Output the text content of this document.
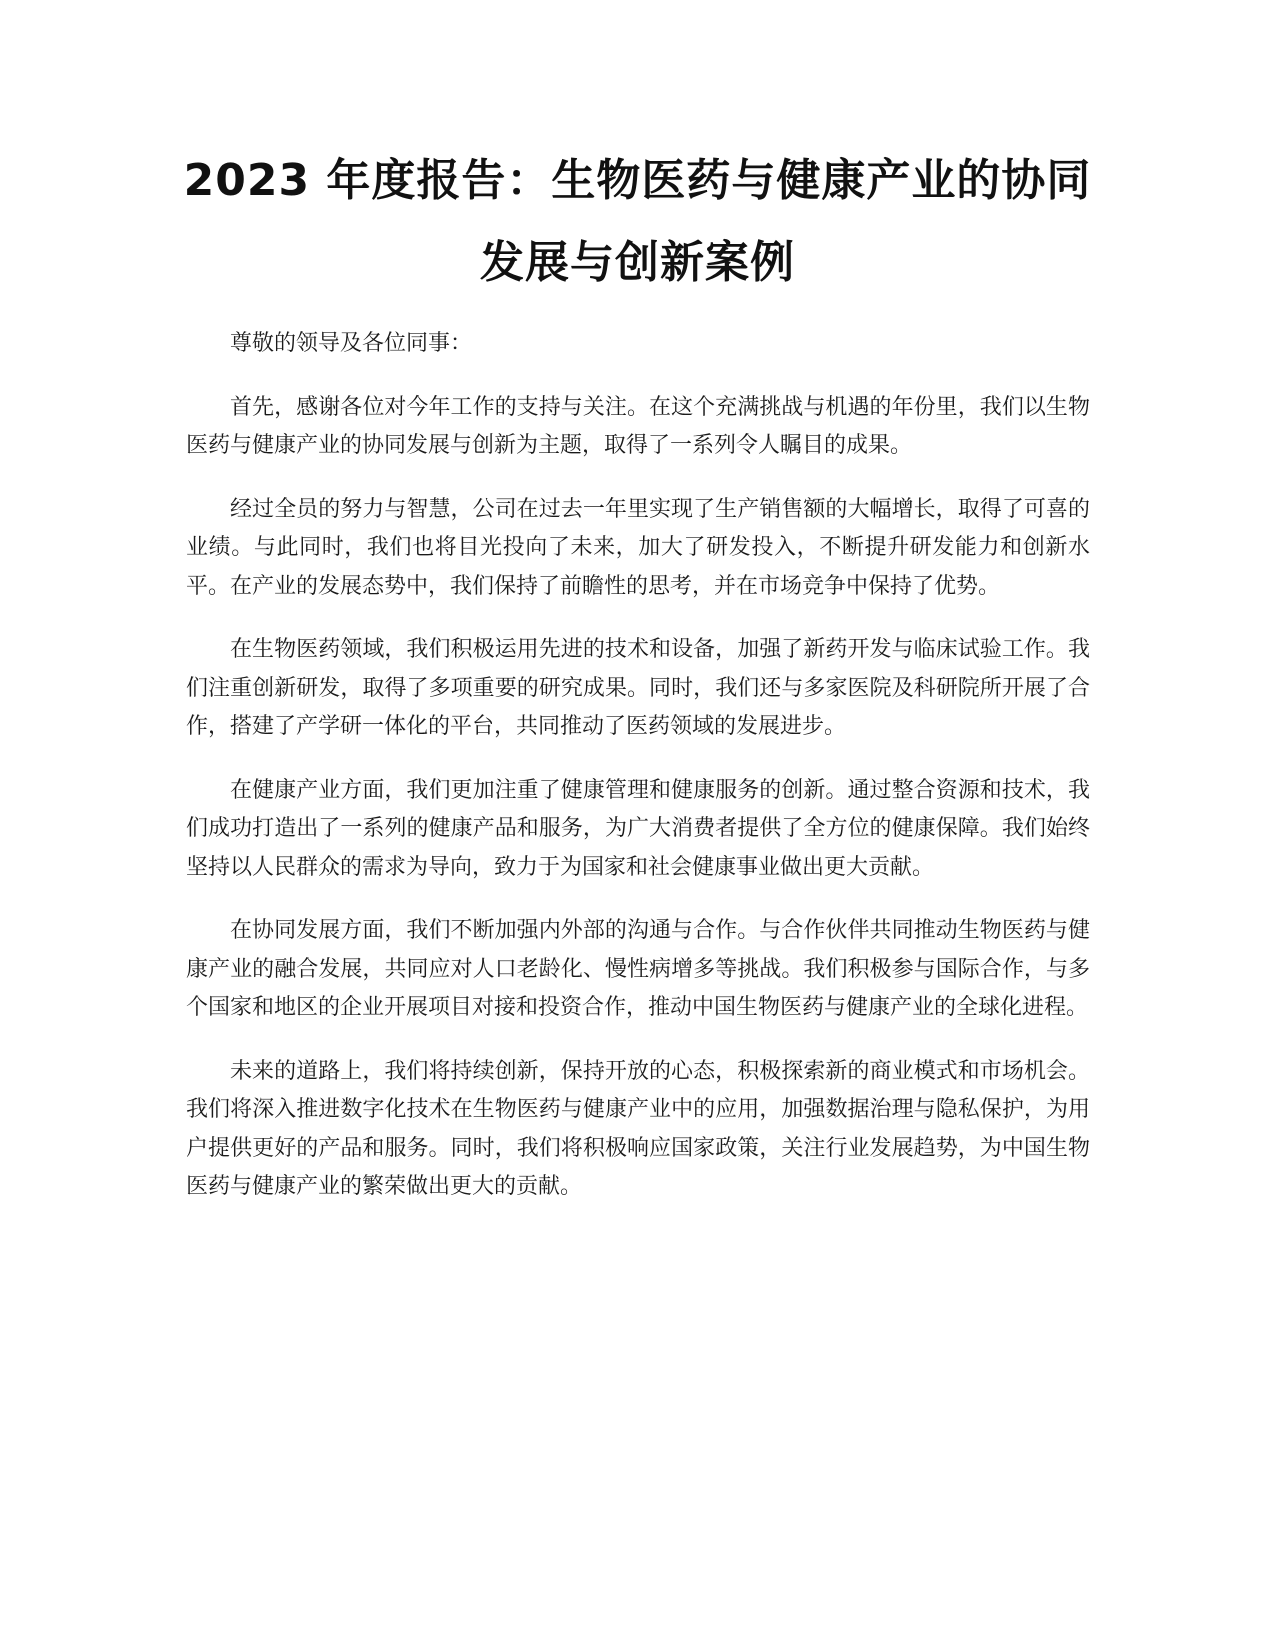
2023 年度报告：生物医药与健康产业的协同
发展与创新案例

尊敬的领导及各位同事：

首先，感谢各位对今年工作的支持与关注。在这个充满挑战与机遇的年份里，我们以生物医药与健康产业的协同发展与创新为主题，取得了一系列令人瞩目的成果。

经过全员的努力与智慧，公司在过去一年里实现了生产销售额的大幅增长，取得了可喜的业绩。与此同时，我们也将目光投向了未来，加大了研发投入，不断提升研发能力和创新水平。在产业的发展态势中，我们保持了前瞻性的思考，并在市场竞争中保持了优势。

在生物医药领域，我们积极运用先进的技术和设备，加强了新药开发与临床试验工作。我们注重创新研发，取得了多项重要的研究成果。同时，我们还与多家医院及科研院所开展了合作，搭建了产学研一体化的平台，共同推动了医药领域的发展进步。

在健康产业方面，我们更加注重了健康管理和健康服务的创新。通过整合资源和技术，我们成功打造出了一系列的健康产品和服务，为广大消费者提供了全方位的健康保障。我们始终坚持以人民群众的需求为导向，致力于为国家和社会健康事业做出更大贡献。

在协同发展方面，我们不断加强内外部的沟通与合作。与合作伙伴共同推动生物医药与健康产业的融合发展，共同应对人口老龄化、慢性病增多等挑战。我们积极参与国际合作，与多个国家和地区的企业开展项目对接和投资合作，推动中国生物医药与健康产业的全球化进程。

未来的道路上，我们将持续创新，保持开放的心态，积极探索新的商业模式和市场机会。我们将深入推进数字化技术在生物医药与健康产业中的应用，加强数据治理与隐私保护，为用户提供更好的产品和服务。同时，我们将积极响应国家政策，关注行业发展趋势，为中国生物医药与健康产业的繁荣做出更大的贡献。
